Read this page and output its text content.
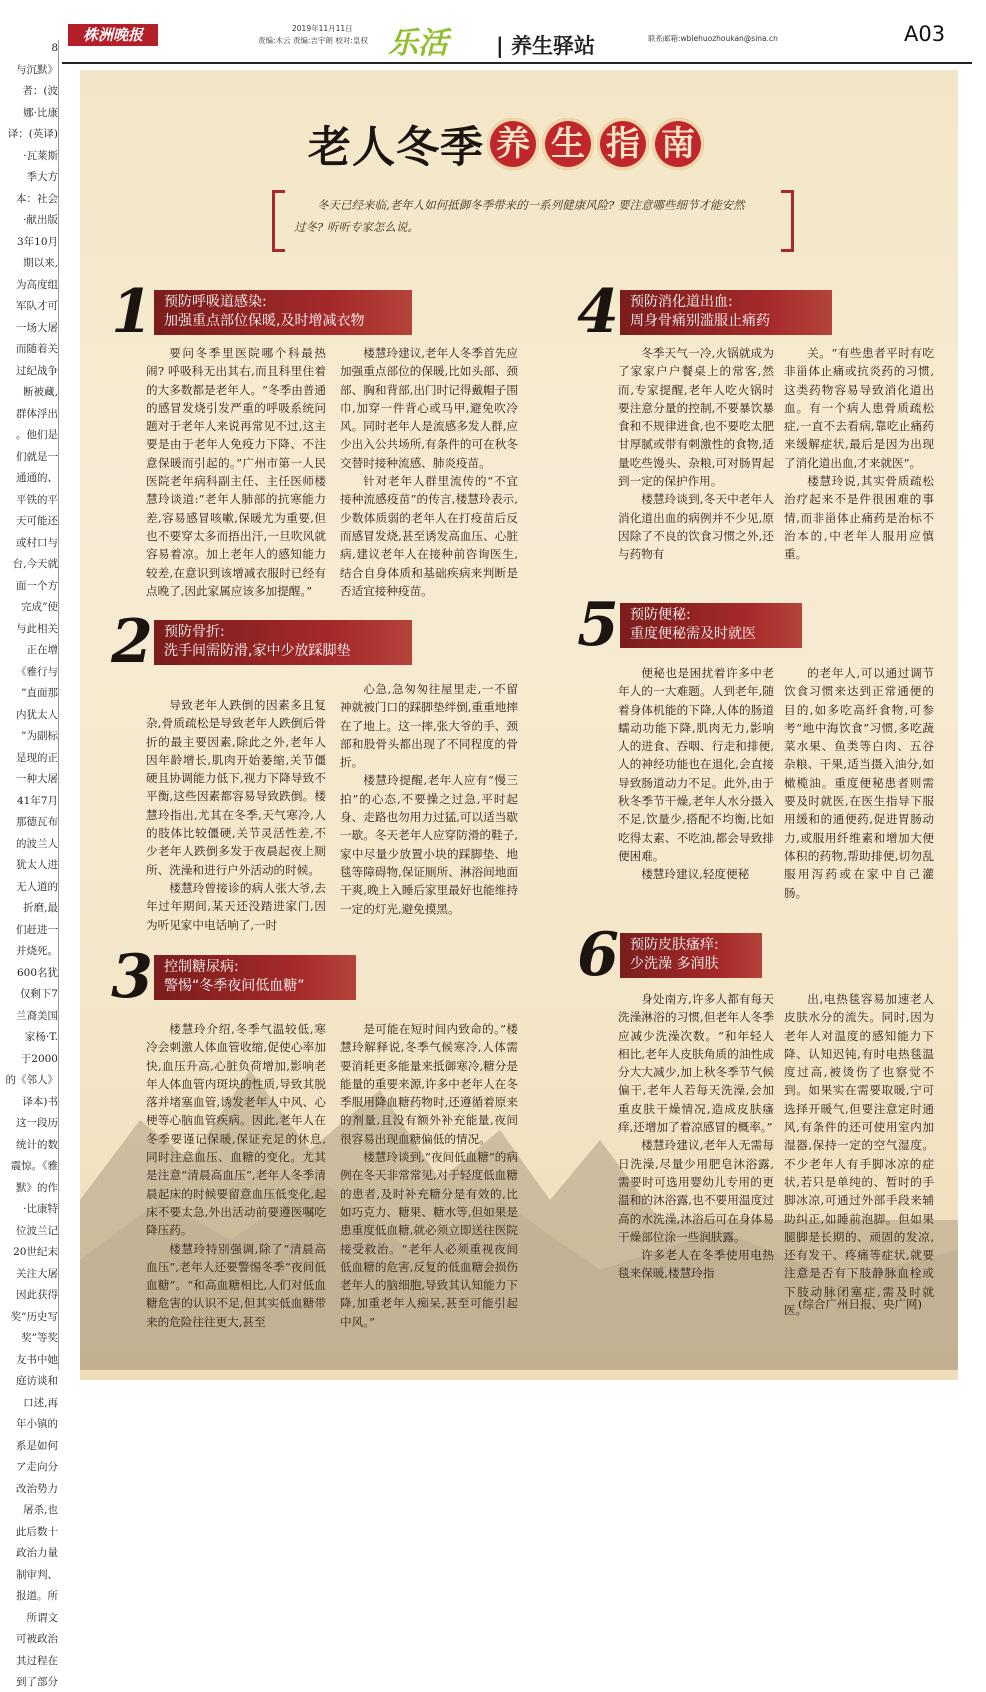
8

与沉默》

者：(波

娜·比康

译：(英译)

·瓦莱斯

季大方

本：社会

·献出版

3年10月

期以来,

为高度组

军队才可

一场大屠

而随着关

过纪战争

断被藏,

群体浮出

。他们是

们就是一

通通的、

平铁的平

天可能还

或村口与

台,今天就

面一个方

完成”使

与此相关

正在增

《雅行与

”直面那

内犹太人

”为副标

是现的正

一种大屠

41年7月

那德瓦布

的波兰人

犹太人进

无人道的

折磨,最

们赶进一

并烧死。

600名犹

仅剩下7

兰裔美国

家杨·T.

于2000

的《邻人》

译本)书

这一段历

统计的数

震惊。《雅

默》的作

·比康特

位波兰记

20世纪末

关注大屠

因此获得

奖”历史写

奖”等奖

友书中她

庭访谈和

口述,再

年小镇的

系是如何

ア走向分

改治势力

屠杀,也

此后数十

政治力量

制审判、

报道。所

所谓文

可被政治

其过程在

到了部分

株洲晚报	2019年11月11日
责编:木云 责编:吉宇朗 校对:皇权 乐活 | 养生驿站	联系邮箱:wblehuozhoukan@sina.cn	A03
老人冬季 养 生 指 南
冬天已经来临,老年人如何抵御冬季带来的一系列健康风险? 要注意哪些细节才能安然过冬? 听听专家怎么说。
1 预防呼吸道感染:
加强重点部位保暖,及时增减衣物
2 预防骨折:
洗手间需防滑,家中少放踩脚垫
3 控制糖尿病:
警惕“冬季夜间低血糖”
4 预防消化道出血:
周身骨痛别滥服止痛药
5 预防便秘:
重度便秘需及时就医
6 预防皮肤瘙痒:
少洗澡 多润肤

要问冬季里医院哪个科最热闹? 呼吸科无出其右,而且科里住着的大多数都是老年人。“冬季由普通的感冒发烧引发严重的呼吸系统问题对于老年人来说再常见不过,这主要是由于老年人免疫力下降、不注意保暖而引起的。”广州市第一人民医院老年病科副主任、主任医师楼慧玲谈道:“老年人肺部的抗寒能力差,容易感冒咳嗽,保暖尤为重要,但也不要穿太多而捂出汗,一旦吹风就容易着凉。加上老年人的感知能力较差,在意识到该增减衣服时已经有点晚了,因此家属应该多加提醒。”

楼慧玲建议,老年人冬季首先应加强重点部位的保暖,比如头部、颈部、胸和背部,出门时记得戴帽子围巾,加穿一件背心或马甲,避免吹冷风。同时老年人是流感多发人群,应少出入公共场所,有条件的可在秋冬交替时接种流感、肺炎疫苗。

针对老年人群里流传的“不宜接种流感疫苗”的传言,楼慧玲表示,少数体质弱的老年人在打疫苗后反而感冒发烧,甚至诱发高血压、心脏病,建议老年人在接种前咨询医生,结合自身体质和基础疾病来判断是否适宜接种疫苗。

导致老年人跌倒的因素多且复杂,骨质疏松是导致老年人跌倒后骨折的最主要因素,除此之外,老年人因年龄增长,肌肉开始萎缩,关节僵硬且协调能力低下,视力下降导致不平衡,这些因素都容易导致跌倒。楼慧玲指出,尤其在冬季,天气寒冷,人的肢体比较僵硬,关节灵活性差,不少老年人跌倒多发于夜晨起夜上厕所、洗澡和进行户外活动的时候。

楼慧玲曾接诊的病人张大爷,去年过年期间,某天还没踏进家门,因为听见家中电话响了,一时

心急,急匆匆往屋里走,一不留神就被门口的踩脚垫绊倒,重重地摔在了地上。这一摔,张大爷的手、颈部和股骨头都出现了不同程度的骨折。

楼慧玲提醒,老年人应有“慢三拍”的心态,不要操之过急,平时起身、走路也勿用力过猛,可以适当歇一歇。冬天老年人应穿防滑的鞋子,家中尽量少放置小块的踩脚垫、地毯等障碍物,保证厕所、淋浴间地面干爽,晚上入睡后家里最好也能维持一定的灯光,避免摸黑。

楼慧玲介绍,冬季气温较低,寒冷会刺激人体血管收缩,促使心率加快,血压升高,心脏负荷增加,影响老年人体血管内斑块的性质,导致其脱落并堵塞血管,诱发老年人中风、心梗等心脑血管疾病。因此,老年人在冬季要谨记保暖,保证充足的休息,同时注意血压、血糖的变化。尤其是注意“清晨高血压”,老年人冬季清晨起床的时候要留意血压低变化,起床不要太急,外出活动前要遵医嘱吃降压药。

楼慧玲特别强调,除了“清晨高血压”,老年人还要警惕冬季“夜间低血糖”。“和高血糖相比,人们对低血糖危害的认识不足,但其实低血糖带来的危险往往更大,甚至

是可能在短时间内致命的。”楼慧玲解释说,冬季气候寒冷,人体需要消耗更多能量来抵御寒冷,糖分是能量的重要来源,许多中老年人在冬季服用降血糖药物时,还遵循着原来的剂量,且没有额外补充能量,夜间很容易出现血糖偏低的情况。

楼慧玲谈到,“夜间低血糖”的病例在冬天非常常见,对于轻度低血糖的患者,及时补充糖分是有效的,比如巧克力、糖果、糖水等,但如果是患重度低血糖,就必须立即送往医院接受救治。“老年人必须重视夜间低血糖的危害,反复的低血糖会损伤老年人的脑细胞,导致其认知能力下降,加重老年人痴呆,甚至可能引起中风。”

冬季天气一冷,火锅就成为了家家户户餐桌上的常客,然而,专家提醒,老年人吃火锅时要注意分量的控制,不要暴饮暴食和不规律进食,也不要吃太肥甘厚腻或带有刺激性的食物,适量吃些馒头、杂粮,可对肠胃起到一定的保护作用。

楼慧玲谈到,冬天中老年人消化道出血的病例并不少见,原因除了不良的饮食习惯之外,还与药物有

关。“有些患者平时有吃非甾体止痛或抗炎药的习惯,这类药物容易导致消化道出血。有一个病人患骨质疏松症,一直不去看病,靠吃止痛药来缓解症状,最后是因为出现了消化道出血,才来就医”。

楼慧玲说,其实骨质疏松治疗起来不是件很困难的事情,而非甾体止痛药是治标不治本的,中老年人服用应慎重。

便秘也是困扰着许多中老年人的一大难题。人到老年,随着身体机能的下降,人体的肠道蠕动功能下降,肌肉无力,影响人的进食、吞咽、行走和排便,人的神经功能也在退化,会直接导致肠道动力不足。此外,由于秋冬季节干燥,老年人水分摄入不足,饮量少,搭配不均衡,比如吃得太素、不吃油,都会导致排便困难。

楼慧玲建议,轻度便秘

的老年人,可以通过调节饮食习惯来达到正常通便的目的,如多吃高纤食物,可参考“地中海饮食”习惯,多吃蔬菜水果、鱼类等白肉、五谷杂粮、干果,适当摄入油分,如橄榄油。重度便秘患者则需要及时就医,在医生指导下服用缓和的通便药,促进胃肠动力,或服用纤维素和增加大便体积的药物,帮助排便,切勿乱服用泻药或在家中自己灌肠。

身处南方,许多人都有每天洗澡淋浴的习惯,但老年人冬季应减少洗澡次数。“和年轻人相比,老年人皮肤角质的油性成分大大减少,加上秋冬季节气候偏干,老年人若每天洗澡,会加重皮肤干燥情况,造成皮肤瘙痒,还增加了着凉感冒的概率。”

楼慧玲建议,老年人无需每日洗澡,尽量少用肥皂沐浴露,需要时可选用婴幼儿专用的更温和的沐浴露,也不要用温度过高的水洗澡,沐浴后可在身体易干燥部位涂一些润肤露。

许多老人在冬季使用电热毯来保暖,楼慧玲指

出,电热毯容易加速老人皮肤水分的流失。同时,因为老年人对温度的感知能力下降、认知迟钝,有时电热毯温度过高,被烫伤了也察觉不到。如果实在需要取暖,宁可选择开暖气,但要注意定时通风,有条件的还可使用室内加湿器,保持一定的空气湿度。不少老年人有手脚冰凉的症状,若只是单纯的、暂时的手脚冰凉,可通过外部手段来辅助纠正,如睡前泡脚。但如果腿脚是长期的、顽固的发凉,还有发干、疼痛等症状,就要注意是否有下肢静脉血栓或下肢动脉闭塞症,需及时就医。

(综合广州日报、央广网)
